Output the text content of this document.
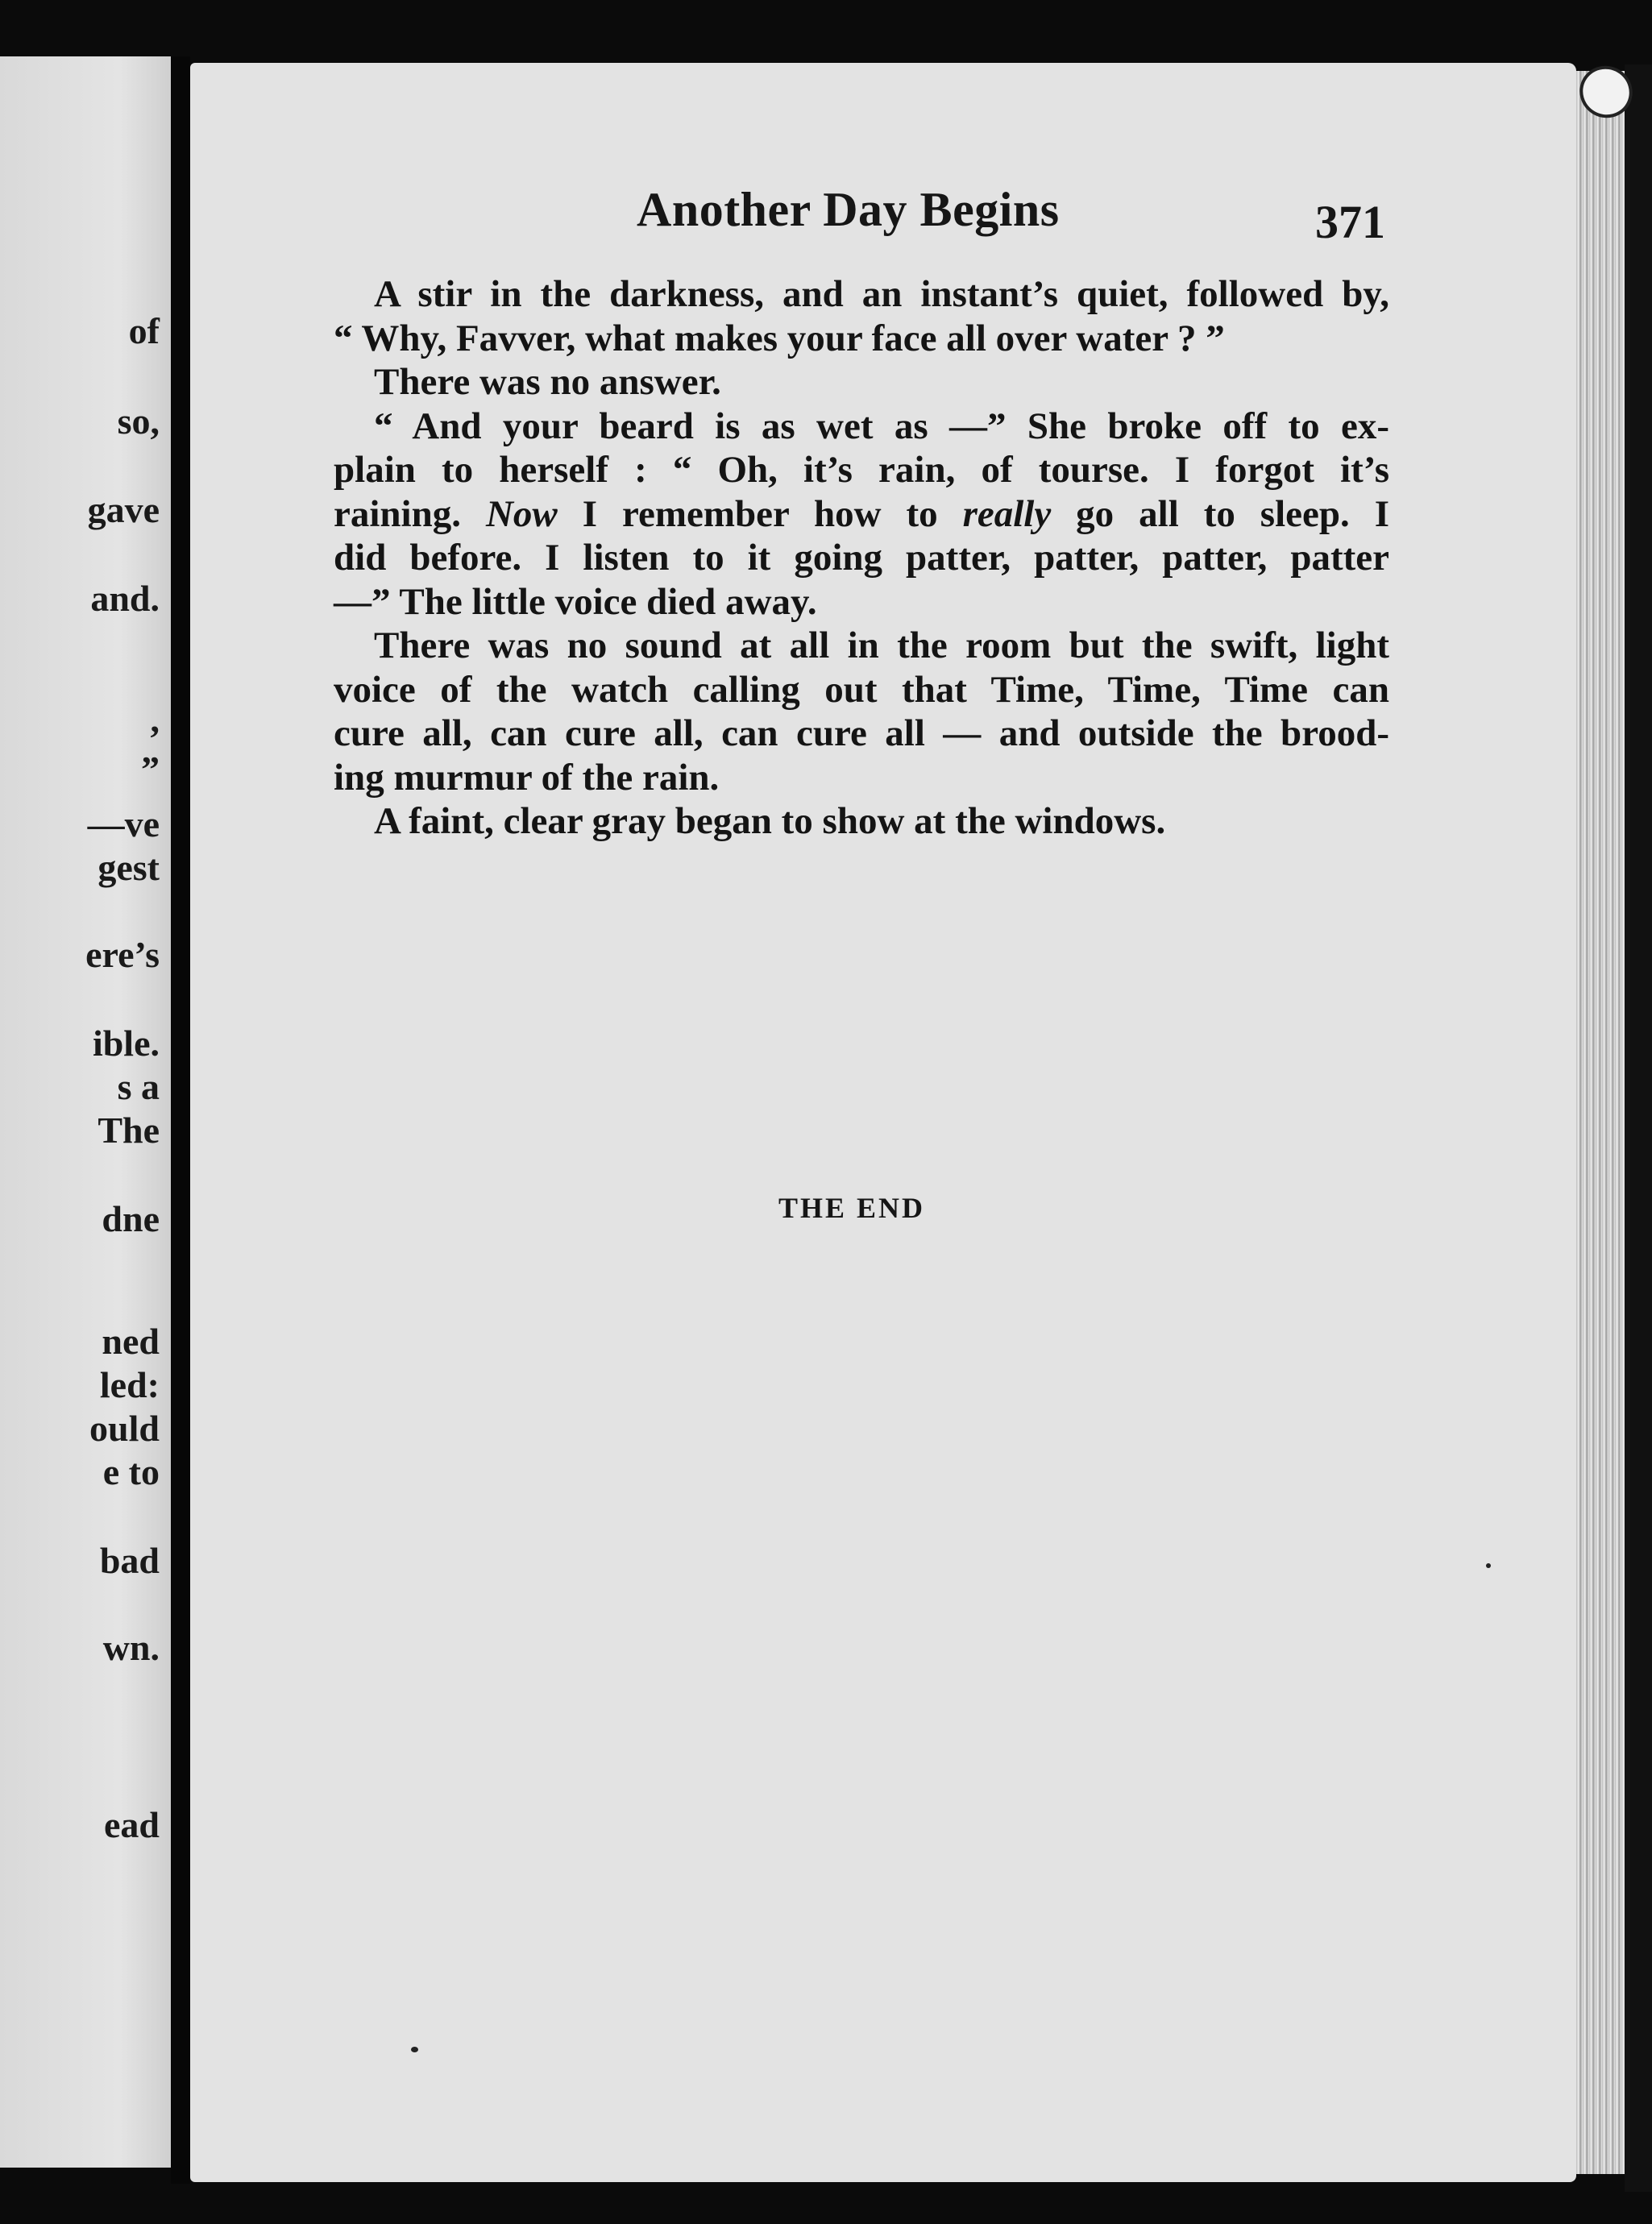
of
so,
gave
and.
,
”
—ve
gest
ere’s
ible.
s a
The
dne
ned
led:
ould
e to
bad
wn.
ead
Another Day Begins	371
A stir in the darkness, and an instant’s quiet, followed by,
“ Why, Favver, what makes your face all over water ? ”
There was no answer.
“ And your beard is as wet as —” She broke off to ex-
plain to herself : “ Oh, it’s rain, of tourse. I forgot it’s
raining. Now I remember how to really go all to sleep. I
did before. I listen to it going patter, patter, patter, patter
—” The little voice died away.
There was no sound at all in the room but the swift, light
voice of the watch calling out that Time, Time, Time can
cure all, can cure all, can cure all — and outside the brood-
ing murmur of the rain.
A faint, clear gray began to show at the windows.
THE END
